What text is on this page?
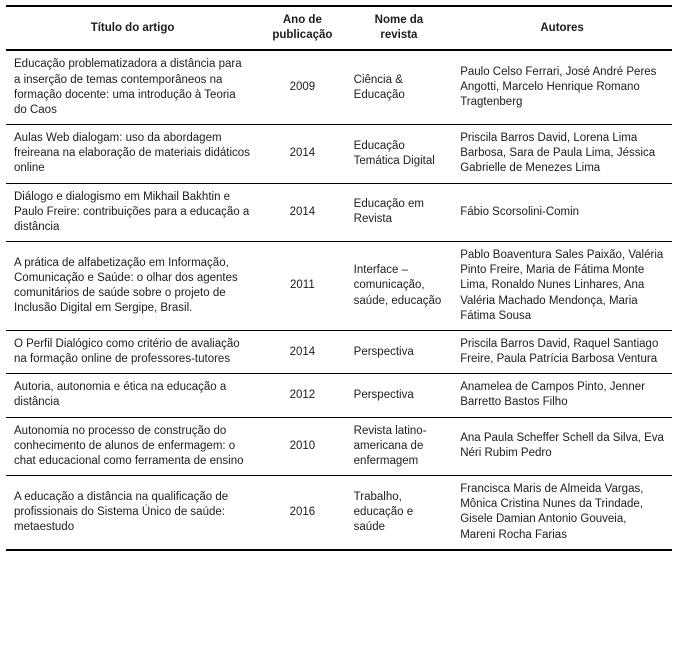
Título do artigo	Ano de publicação	Nome da revista	Autores
Educação problematizadora a distância para a inserção de temas contemporâneos na formação docente: uma introdução à Teoria do Caos	2009	Ciência & Educação	Paulo Celso Ferrari, José André Peres Angotti, Marcelo Henrique Romano Tragtenberg
Aulas Web dialogam: uso da abordagem freireana na elaboração de materiais didáticos online	2014	Educação Temática Digital	Priscila Barros David, Lorena Lima Barbosa, Sara de Paula Lima, Jéssica Gabrielle de Menezes Lima
Diálogo e dialogismo em Mikhail Bakhtin e Paulo Freire: contribuições para a educação a distância	2014	Educação em Revista	Fábio Scorsolini-Comin
A prática de alfabetização em Informação, Comunicação e Saúde: o olhar dos agentes comunitários de saúde sobre o projeto de Inclusão Digital em Sergipe, Brasil.	2011	Interface – comunicação, saúde, educação	Pablo Boaventura Sales Paixão, Valéria Pinto Freire, Maria de Fátima Monte Lima, Ronaldo Nunes Linhares, Ana Valéria Machado Mendonça, Maria Fátima Sousa
O Perfil Dialógico como critério de avaliação na formação online de professores-tutores	2014	Perspectiva	Priscila Barros David, Raquel Santiago Freire, Paula Patrícia Barbosa Ventura
Autoria, autonomia e ética na educação a distância	2012	Perspectiva	Anamelea de Campos Pinto, Jenner Barretto Bastos Filho
Autonomia no processo de construção do conhecimento de alunos de enfermagem: o chat educacional como ferramenta de ensino	2010	Revista latino-americana de enfermagem	Ana Paula Scheffer Schell da Silva, Eva Néri Rubim Pedro
A educação a distância na qualificação de profissionais do Sistema Único de saúde: metaestudo	2016	Trabalho, educação e saúde	Francisca Maris de Almeida Vargas, Mônica Cristina Nunes da Trindade, Gisele Damian Antonio Gouveia, Mareni Rocha Farias
